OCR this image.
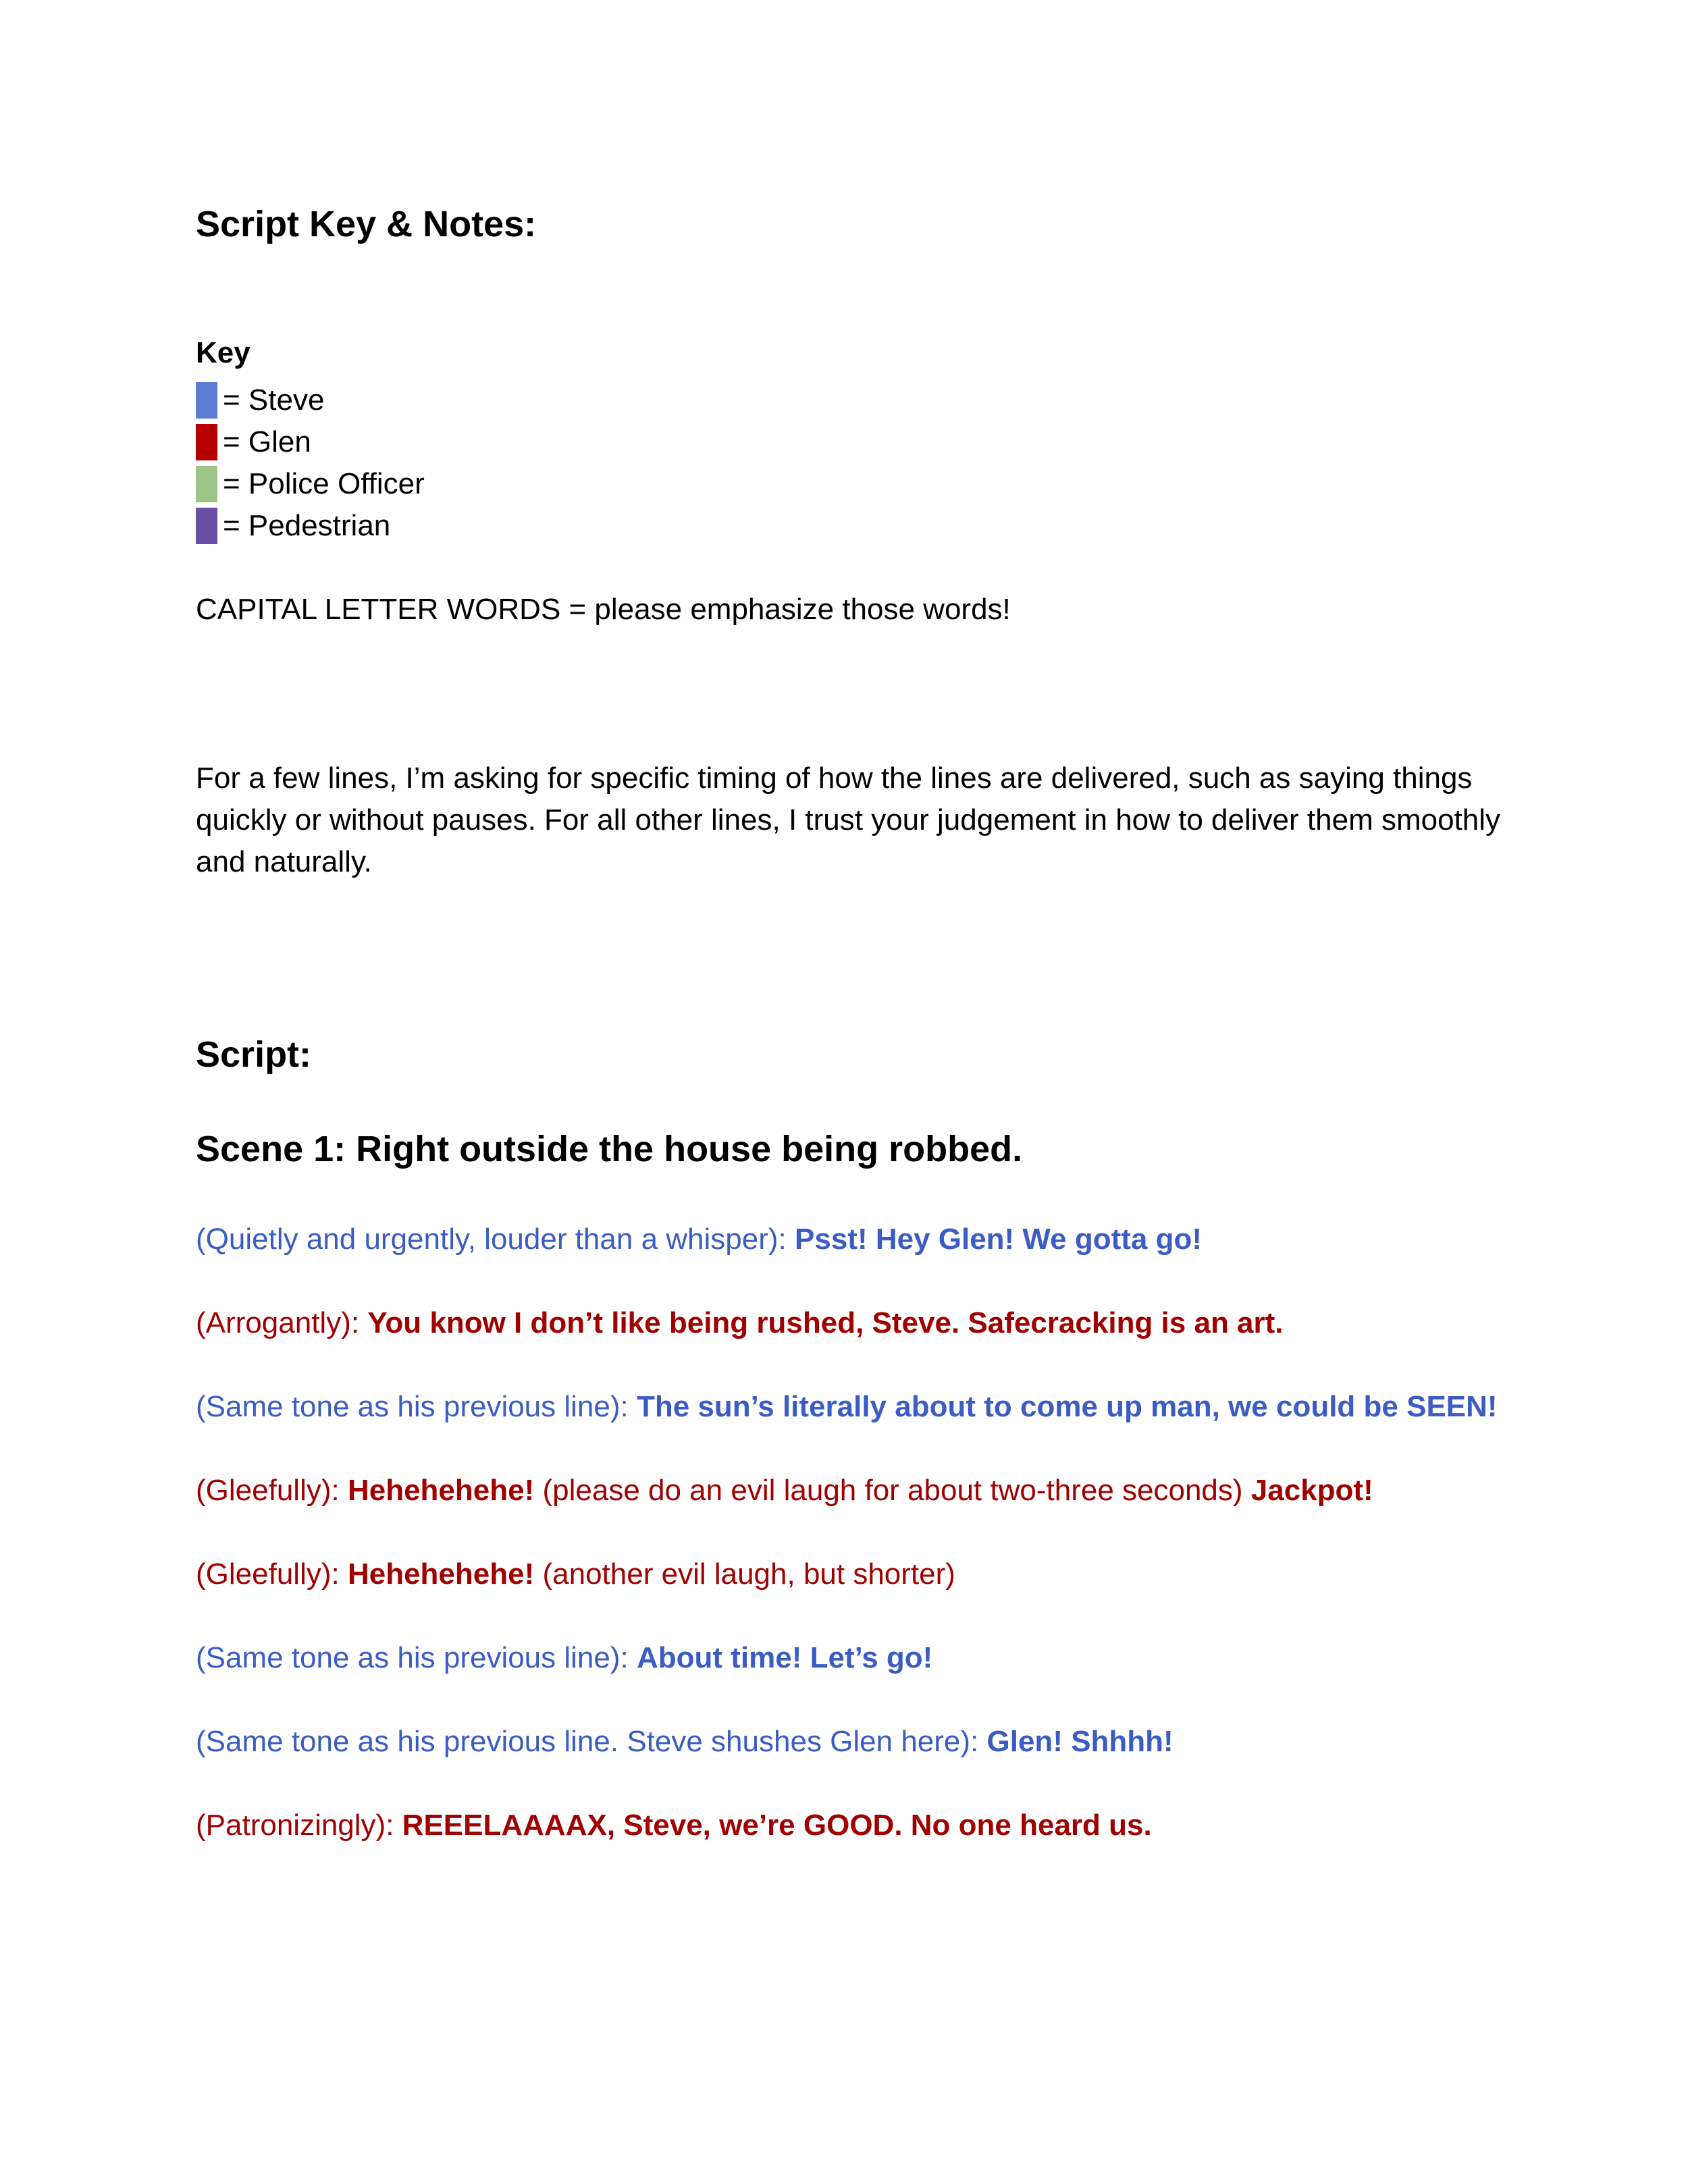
Script Key & Notes:
Key
= Steve
= Glen
= Police Officer
= Pedestrian
CAPITAL LETTER WORDS = please emphasize those words!
For a few lines, I’m asking for specific timing of how the lines are delivered, such as saying things quickly or without pauses. For all other lines, I trust your judgement in how to deliver them smoothly and naturally.
Script:
Scene 1: Right outside the house being robbed.
(Quietly and urgently, louder than a whisper): Psst! Hey Glen! We gotta go!
(Arrogantly): You know I don’t like being rushed, Steve. Safecracking is an art.
(Same tone as his previous line): The sun’s literally about to come up man, we could be SEEN!
(Gleefully): Hehehehehe! (please do an evil laugh for about two-three seconds) Jackpot!
(Gleefully): Hehehehehe! (another evil laugh, but shorter)
(Same tone as his previous line): About time! Let’s go!
(Same tone as his previous line. Steve shushes Glen here): Glen! Shhhh!
(Patronizingly): REEELAAAAX, Steve, we’re GOOD. No one heard us.
